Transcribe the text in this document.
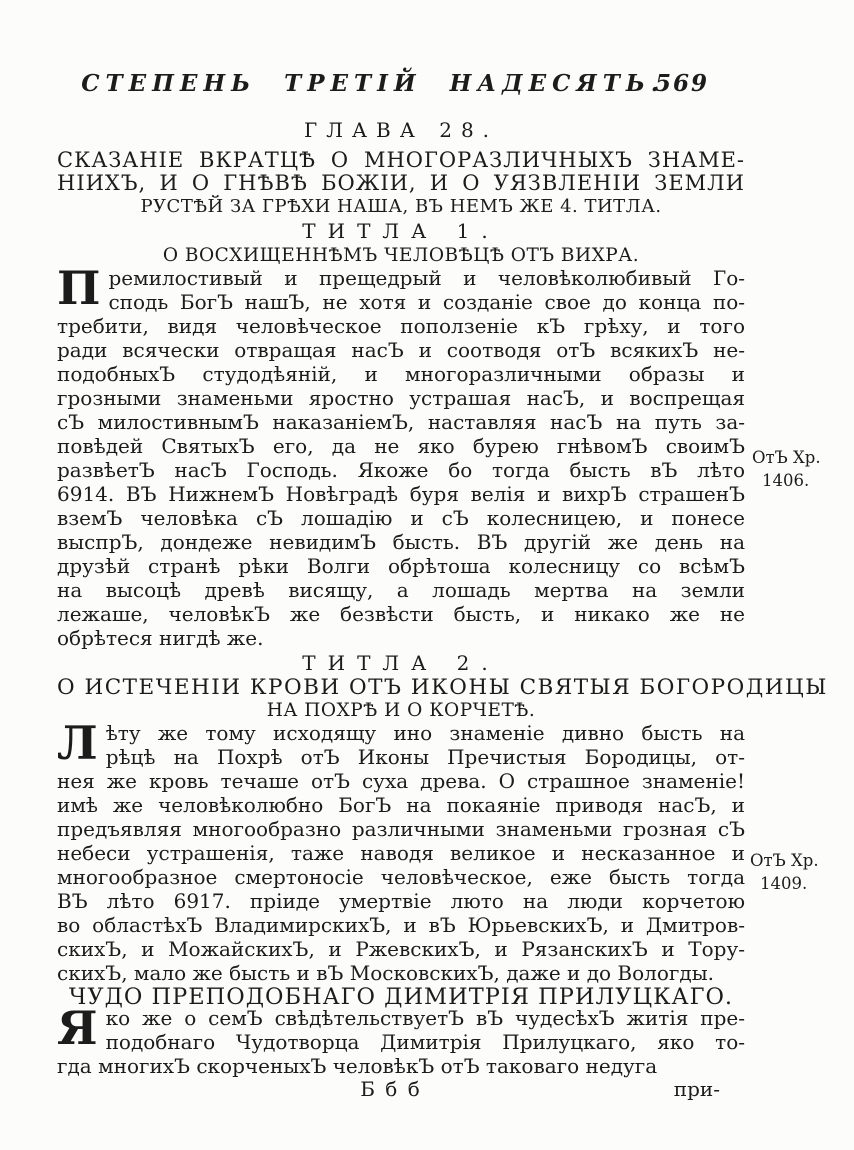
СТЕПЕНЬ ТРЕТІЙ НАДЕСЯТЬ.
569
ГЛАВА 28.
СКАЗАНІЕ ВКРАТЦѢ О МНОГОРАЗЛИЧНЫХЪ ЗНАМЕ-
НІИХЪ, И О ГНѢВѢ БОЖІИ, И О УЯЗВЛЕНІИ ЗЕМЛИ
РУСТѢЙ ЗА ГРѢХИ НАША, ВЪ НЕМЪ ЖЕ 4. ТИТЛА.
ТИТЛА 1.
О ВОСХИЩЕННѢМЪ ЧЕЛОВѢЦѢ ОТЪ ВИХРА.
П ремилостивый и прещедрый и человѣколюбивый Го-
сподь БогЪ нашЪ, не хотя и созданіе свое до конца по-
требити, видя человѣческое поползеніе кЪ грѣху, и того
ради всячески отвращая насЪ и соотводя отЪ всякихЪ не-
подобныхЪ студодѣяній, и многоразличными образы и
грозными знаменьми яростно устрашая насЪ, и воспрещая
сЪ милостивнымЪ наказаніемЪ, наставляя насЪ на путь за-
повѣдей СвятыхЪ его, да не яко бурею гнѣвомЪ своимЪ
развѣетЪ насЪ Господь. Якоже бо тогда бысть вЪ лѣто
6914. ВЪ НижнемЪ Новѣградѣ буря велія и вихрЪ страшенЪ
вземЪ человѣка сЪ лошадію и сЪ колесницею, и понесе
выспрЪ, дондеже невидимЪ бысть. ВЪ другій же день на
друзѣй странѣ рѣки Волги обрѣтоша колесницу со всѣмЪ
на высоцѣ древѣ висящу, а лошадь мертва на земли
лежаше, человѣкЪ же безвѣсти бысть, и никако же не
обрѣтеся нигдѣ же.
ТИТЛА 2.
О ИСТЕЧЕНІИ КРОВИ ОТЪ ИКОНЫ СВЯТЫЯ БОГОРОДИЦЫ
НА ПОХРѢ И О КОРЧЕТѢ.
Л ѣту же тому исходящу ино знаменіе дивно бысть на
рѣцѣ на Похрѣ отЪ Иконы Пречистыя Бородицы, от-
нея же кровь течаше отЪ суха древа. О страшное знаменіе!
имѣ же человѣколюбно БогЪ на покаяніе приводя насЪ, и
предъявляя многообразно различными знаменьми грозная сЪ
небеси устрашенія, таже наводя великое и несказанное и
многообразное смертоносіе человѣческое, еже бысть тогда
ВЪ лѣто 6917. пріиде умертвіе люто на люди корчетою
во областѣхЪ ВладимирскихЪ, и вЪ ЮрьевскихЪ, и Дмитров-
скихЪ, и МожайскихЪ, и РжевскихЪ, и РязанскихЪ и Тору-
скихЪ, мало же бысть и вЪ МосковскихЪ, даже и до Вологды.
ЧУДО ПРЕПОДОБНАГО ДИМИТРІЯ ПРИЛУЦКАГО.
Я ко же о семЪ свѣдѣтельствуетЪ вЪ чудесѣхЪ житія пре-
подобнаго Чудотворца Димитрія Прилуцкаго, яко то-
гда многихЪ скорченыхЪ человѣкЪ отЪ таковаго недуга
Б б б	при-
ОтЪ Хр.
1406.
ОтЪ Хр.
1409.
